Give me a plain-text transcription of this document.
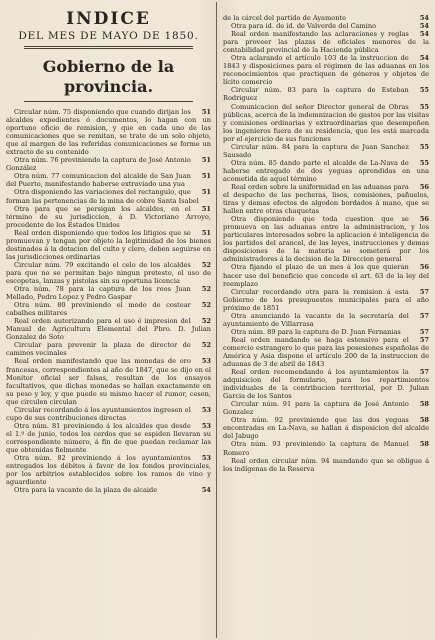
INDICE
DEL MES DE MAYO DE 1850.
Gobierno de la provincia.

51
Circular núm. 75 disponiendo que cuando dirijan los alcaldes expedientes ó documentos, lo hagan con un oportuno oficio de remision, y que en cada uno de las comunicaciones que se remitan, se trate de un solo objeto, que al margen de las referidas comunicaciones se forme un extracto de su contenido

51
Otra núm. 76 previniendo la captura de José Antonio González

51
Otra núm. 77 comunicacion del alcalde de San Juan del Puerto, manifestando haberse extraviado una yua

51
Otra disponiendo las variaciones del rectangulo, que forman las pertenencias de la mina de cobre Santa Isabel

51
Otra para que se persigan los alcaldes, en el término de su jurisdiccion, á D. Victoriano Arroyo, procedente de los Estados Unidos

51
Real orden disponiendo que todos los litigios que se promuevan y tengan por objeto la legitimidad de los bienes destinados á la dotacion del culto y clero, deben seguirse en las jurisdicciones ordinarias

52
Circular núm. 79 excitando el celo de los alcaldes para que no se permitan bajo ningun pretesto, el uso de escopetas, lanzas y pistolas sin su oportuna licencia

52
Otra núm. 78 para la captura de los reos Juan Mellado, Pedro Lopez y Pedro Gaspar

52
Otra núm. 80 previniendo el modo de costear cabalhes militares

52
Real orden autorizando para el uso é impresion del Manual de Agricultura Elemental del Pbro. D. Julian Gonzalez de Soto

52
Circular para prevenir la plaza de director de caminos vecinales

53
Real orden manifestando que las monedas de oro francesas, correspondientes al año de 1847, que se dijo en el Monitor oficial ser falsas, resultan de los ensayos facultativos, que dichas monedas se hallan exactamente en su peso y ley, y que puede su mismo hacer el rumor, cesen, que circulen circulan

53
Circular recordando á los ayuntamientos ingresen el cupo de sus contribuciones directas

53
Otra núm. 81 previniendo á los alcaldes que desde el 1.º de junio, todos los cerdos que se espiden llevaran su correspondiente número, á fin de que puedan reclamar las que obtenidas fielmente

53
Otra núm. 82 previniendo á los ayuntamientos entregados los débitos á favor de los fondos provinciales, por los arbitrios establecidos sobre los ramos de vino y aguardiente

54
Otra para la vacante de la plaza de alcaide

54
de la cárcel del partido de Ayamonte

54
Otra para id. de id. de Valverde del Camino

54
Real orden manifestando las aclaraciones y reglas para proveer las plazas de oficiales menores de la contabilidad provincial de la Hacienda pública

54
Otra aclarando el artículo 103 de la instruccion de 1843 y disposiciones para el régimen de las aduanas en los reconocimientos que practiquen de géneros y objetos de lícito comercio

55
Circular núm. 83 para la captura de Esteban Rodriguez

55
Comunicacion del señor Director general de Obras públicas, acerca de la indemnizacion de gastos por las visitas y comisiones ordinarias y extraordinarias que desempeñen los ingenieros fuera de su residencia, que les está marcada por el ejercicio de sus funciones

55
Circular núm. 84 para la captura de Juan Sanchez Sausado

55
Otra núm. 85 dando parte el alcalde de La-Nava de haberse entregado de dos yeguas aprendidas en una acometida de aquel término

56
Real orden sobre la uniformidad en las aduanas para el despacho de las pecheras, lisos, comisiones, pañuelos, tiras y demas efectos de algodon bordados á mano, que se hallen entre otras chaquetas

56
Otra disponiendo que toda cuestion que se promueva en las aduanas entre la administracion, y los particulares interesados sobre la aplicacion é inteligencia de los partidos del arancel, de las leyes, instrucciones y demas disposiciones de la materia se someterá por los administradores á la decision de la Direccion general

56
Otra fijando el plazo de un mes á los que quieran hacer uso del beneficio que concede el art. 63 de la ley del reemplazo

57
Circular recordando otra para la remision á esta Gobierno de los presupuestos municipales para el año próximo de 1851

57
Otra anunciando la vacante de la secretaría del ayuntamiento de Villarrasa

57
Otra núm. 89 para la captura de D. Juan Fernanias

57
Real orden mandando se haga estensivo para el comercio estrangero lo que para las posesiones españolas de América y Asia dispone el artículo 200 de la instruccion de aduanas de 3 de abril de 1843

57
Real orden recomendando á los ayuntamientos la adquisicion del formulario, para los repartimientos individuales de la contribucion territorial, por D. Julian Garcia de los Santos

58
Circular núm. 91 para la captura de José Antonio Gonzalez

58
Otra núm. 92 previniendo que las dos yeguas encontradas en La-Nava, se hallan á disposicion del alcalde del Jabugo

58
Otra núm. 93 previniendo la captura de Manuel Romero

Real orden circular núm. 94 mandando que se obligue á los indígenas de la Reserva
